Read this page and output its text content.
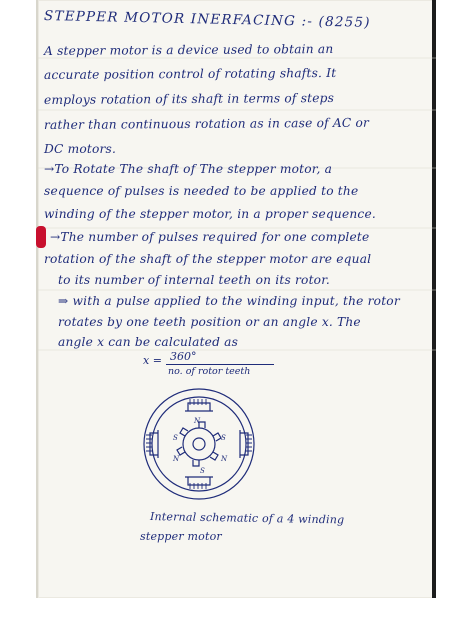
STEPPER MOTOR INERFACING :- (8255)
A stepper motor is a device used to obtain an
accurate position control of rotating shafts. It
employs rotation of its shaft in terms of steps
rather than continuous rotation as in case of AC or
DC motors.
→To Rotate The shaft of The stepper motor, a
sequence of pulses is needed to be applied to the
winding of the stepper motor, in a proper sequence.
→The number of pulses required for one complete
rotation of the shaft of the stepper motor are equal
to its number of internal teeth on its rotor.
⇒ with a pulse applied to the winding input, the rotor
rotates by one teeth position or an angle x. The
angle x can be calculated as
x = 360°
no. of rotor teeth
N
S
N
S
N
S
Internal schematic of a 4 winding
stepper motor
